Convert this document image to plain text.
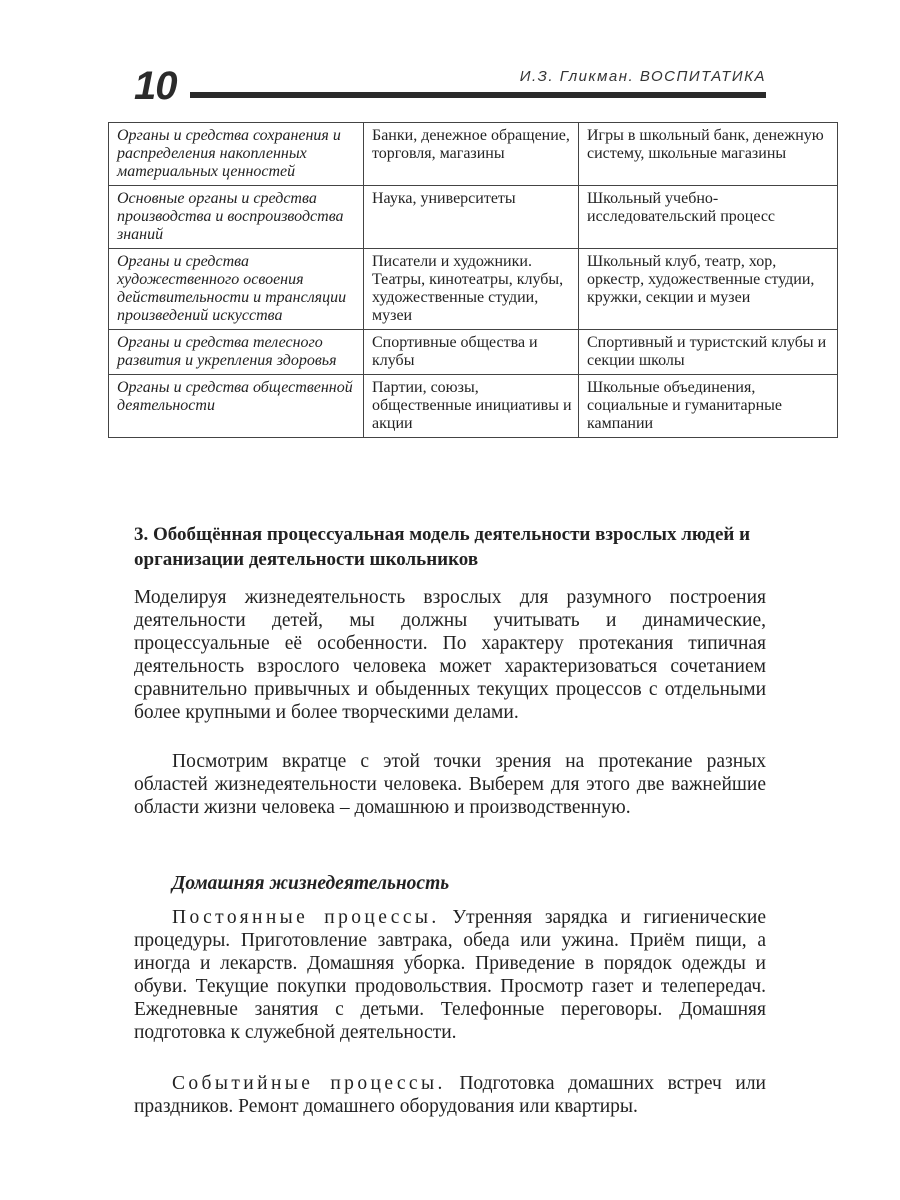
10	И.З. Гликман. ВОСПИТАТИКА
Органы и средства сохранения и распределения накопленных материальных ценностей	Банки, денежное обращение, торговля, магазины	Игры в школьный банк, денежную систему, школьные магазины
Основные органы и средства производства и воспроизводства знаний	Наука, университеты	Школьный учебно-исследовательский процесс
Органы и средства художественного освоения действительности и трансляции произведений искусства	Писатели и художники. Театры, кинотеатры, клубы, художественные студии, музеи	Школьный клуб, театр, хор, оркестр, художественные студии, кружки, секции и музеи
Органы и средства телесного развития и укрепления здоровья	Спортивные общества и клубы	Спортивный и туристский клубы и секции школы
Органы и средства общественной деятельности	Партии, союзы, общественные инициативы и акции	Школьные объединения, социальные и гуманитарные кампании
3. Обобщённая процессуальная модель деятельности взрослых людей и организации деятельности школьников

Моделируя жизнедеятельность взрослых для разумного построения деятельности детей, мы должны учитывать и динамические, процессуальные её особенности. По характеру протекания типичная деятельность взрослого человека может характеризоваться сочетанием сравнительно привычных и обыденных текущих процессов с отдельными более крупными и более творческими делами.

Посмотрим вкратце с этой точки зрения на протекание разных областей жизнедеятельности человека. Выберем для этого две важнейшие области жизни человека – домашнюю и производственную.

Домашняя жизнедеятельность

Постоянные процессы. Утренняя зарядка и гигиенические процедуры. Приготовление завтрака, обеда или ужина. Приём пищи, а иногда и лекарств. Домашняя уборка. Приведение в порядок одежды и обуви. Текущие покупки продовольствия. Просмотр газет и телепередач. Ежедневные занятия с детьми. Телефонные переговоры. Домашняя подготовка к служебной деятельности.

Событийные процессы. Подготовка домашних встреч или праздников. Ремонт домашнего оборудования или квартиры.
